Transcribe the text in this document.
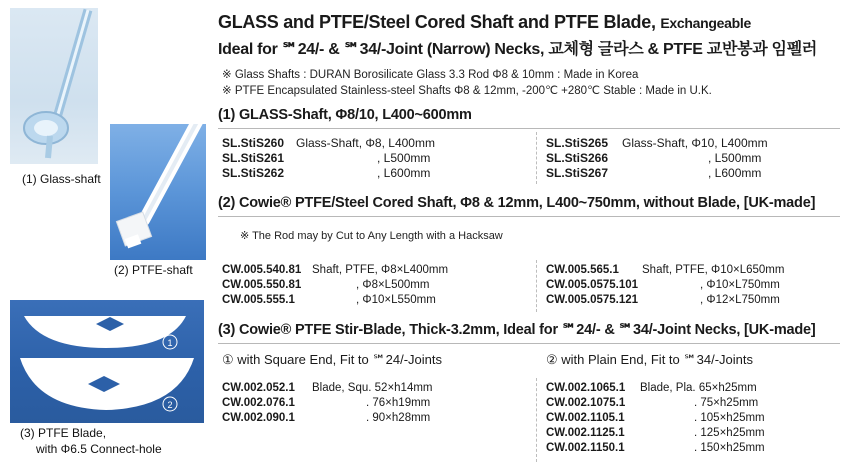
(1) Glass-shaft
(2) PTFE-shaft
1
2
(3) PTFE Blade,
with Φ6.5 Connect-hole
GLASS and PTFE/Steel Cored Shaft and PTFE Blade, Exchangeable
Ideal for ℠24/- & ℠34/-Joint (Narrow) Necks, 교체형 글라스 & PTFE 교반봉과 임펠러
※ Glass Shafts : DURAN Borosilicate Glass 3.3 Rod Φ8 & 10mm : Made in Korea
※ PTFE Encapsulated Stainless-steel Shafts Φ8 & 12mm, -200℃ +280℃ Stable : Made in U.K.
(1) GLASS-Shaft, Φ8/10, L400~600mm
SL.StiS260 Glass-Shaft, Φ8, L400mm
SL.StiS261	, L500mm
SL.StiS262	, L600mm
SL.StiS265 Glass-Shaft, Φ10, L400mm
SL.StiS266	, L500mm
SL.StiS267	, L600mm
(2) Cowie® PTFE/Steel Cored Shaft, Φ8 & 12mm, L400~750mm, without Blade, [UK-made]
※ The Rod may by Cut to Any Length with a Hacksaw
CW.005.540.81 Shaft, PTFE, Φ8×L400mm
CW.005.550.81	, Φ8×L500mm
CW.005.555.1	, Φ10×L550mm
CW.005.565.1 Shaft, PTFE, Φ10×L650mm
CW.005.0575.101	, Φ10×L750mm
CW.005.0575.121	, Φ12×L750mm
(3) Cowie® PTFE Stir-Blade, Thick-3.2mm, Ideal for ℠24/- & ℠34/-Joint Necks, [UK-made]
① with Square End, Fit to ℠24/-Joints	② with Plain End, Fit to ℠34/-Joints
CW.002.052.1 Blade, Squ. 52×h14mm
CW.002.076.1	. 76×h19mm
CW.002.090.1	. 90×h28mm
CW.002.1065.1 Blade, Pla. 65×h25mm
CW.002.1075.1	. 75×h25mm
CW.002.1105.1	. 105×h25mm
CW.002.1125.1	. 125×h25mm
CW.002.1150.1	. 150×h25mm
